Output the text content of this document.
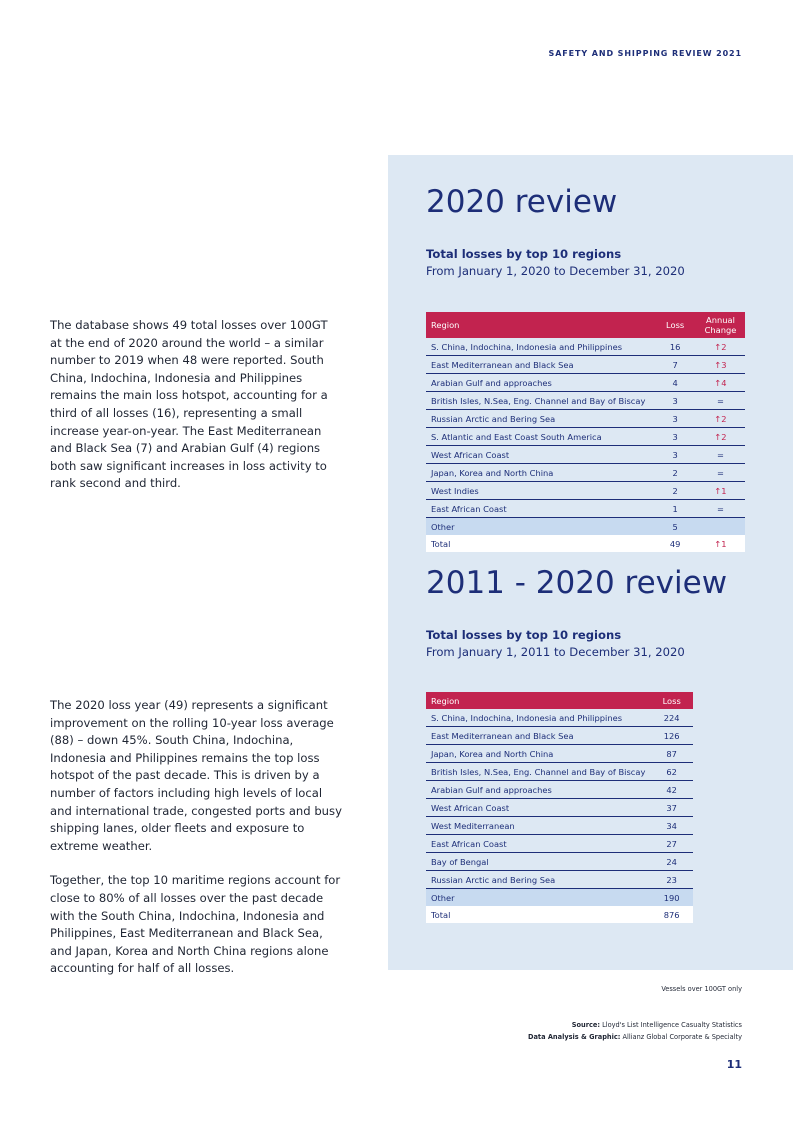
SAFETY AND SHIPPING REVIEW 2021

The database shows 49 total losses over 100GT at the end of 2020 around the world – a similar number to 2019 when 48 were reported. South China, Indochina, Indonesia and Philippines remains the main loss hotspot, accounting for a third of all losses (16), representing a small increase year-on-year. The East Mediterranean and Black Sea (7) and Arabian Gulf (4) regions both saw significant increases in loss activity to rank second and third.

The 2020 loss year (49) represents a significant improvement on the rolling 10-year loss average (88) – down 45%. South China, Indochina, Indonesia and Philippines remains the top loss hotspot of the past decade. This is driven by a number of factors including high levels of local and international trade, congested ports and busy shipping lanes, older fleets and exposure to extreme weather.

Together, the top 10 maritime regions account for close to 80% of all losses over the past decade with the South China, Indochina, Indonesia and Philippines, East Mediterranean and Black Sea, and Japan, Korea and North China regions alone accounting for half of all losses.

2020 review
Total losses by top 10 regions
From January 1, 2020 to December 31, 2020
Region	Loss	Annual Change
S. China, Indochina, Indonesia and Philippines	16	↑2
East Mediterranean and Black Sea	7	↑3
Arabian Gulf and approaches	4	↑4
British Isles, N.Sea, Eng. Channel and Bay of Biscay	3	=
Russian Arctic and Bering Sea	3	↑2
S. Atlantic and East Coast South America	3	↑2
West African Coast	3	=
Japan, Korea and North China	2	=
West Indies	2	↑1
East African Coast	1	=
Other	5	
Total	49	↑1
2011 - 2020 review
Total losses by top 10 regions
From January 1, 2011 to December 31, 2020
Region	Loss
S. China, Indochina, Indonesia and Philippines	224
East Mediterranean and Black Sea	126
Japan, Korea and North China	87
British Isles, N.Sea, Eng. Channel and Bay of Biscay	62
Arabian Gulf and approaches	42
West African Coast	37
West Mediterranean	34
East African Coast	27
Bay of Bengal	24
Russian Arctic and Bering Sea	23
Other	190
Total	876
Vessels over 100GT only
Source: Lloyd's List Intelligence Casualty Statistics
Data Analysis & Graphic: Allianz Global Corporate & Specialty
11
